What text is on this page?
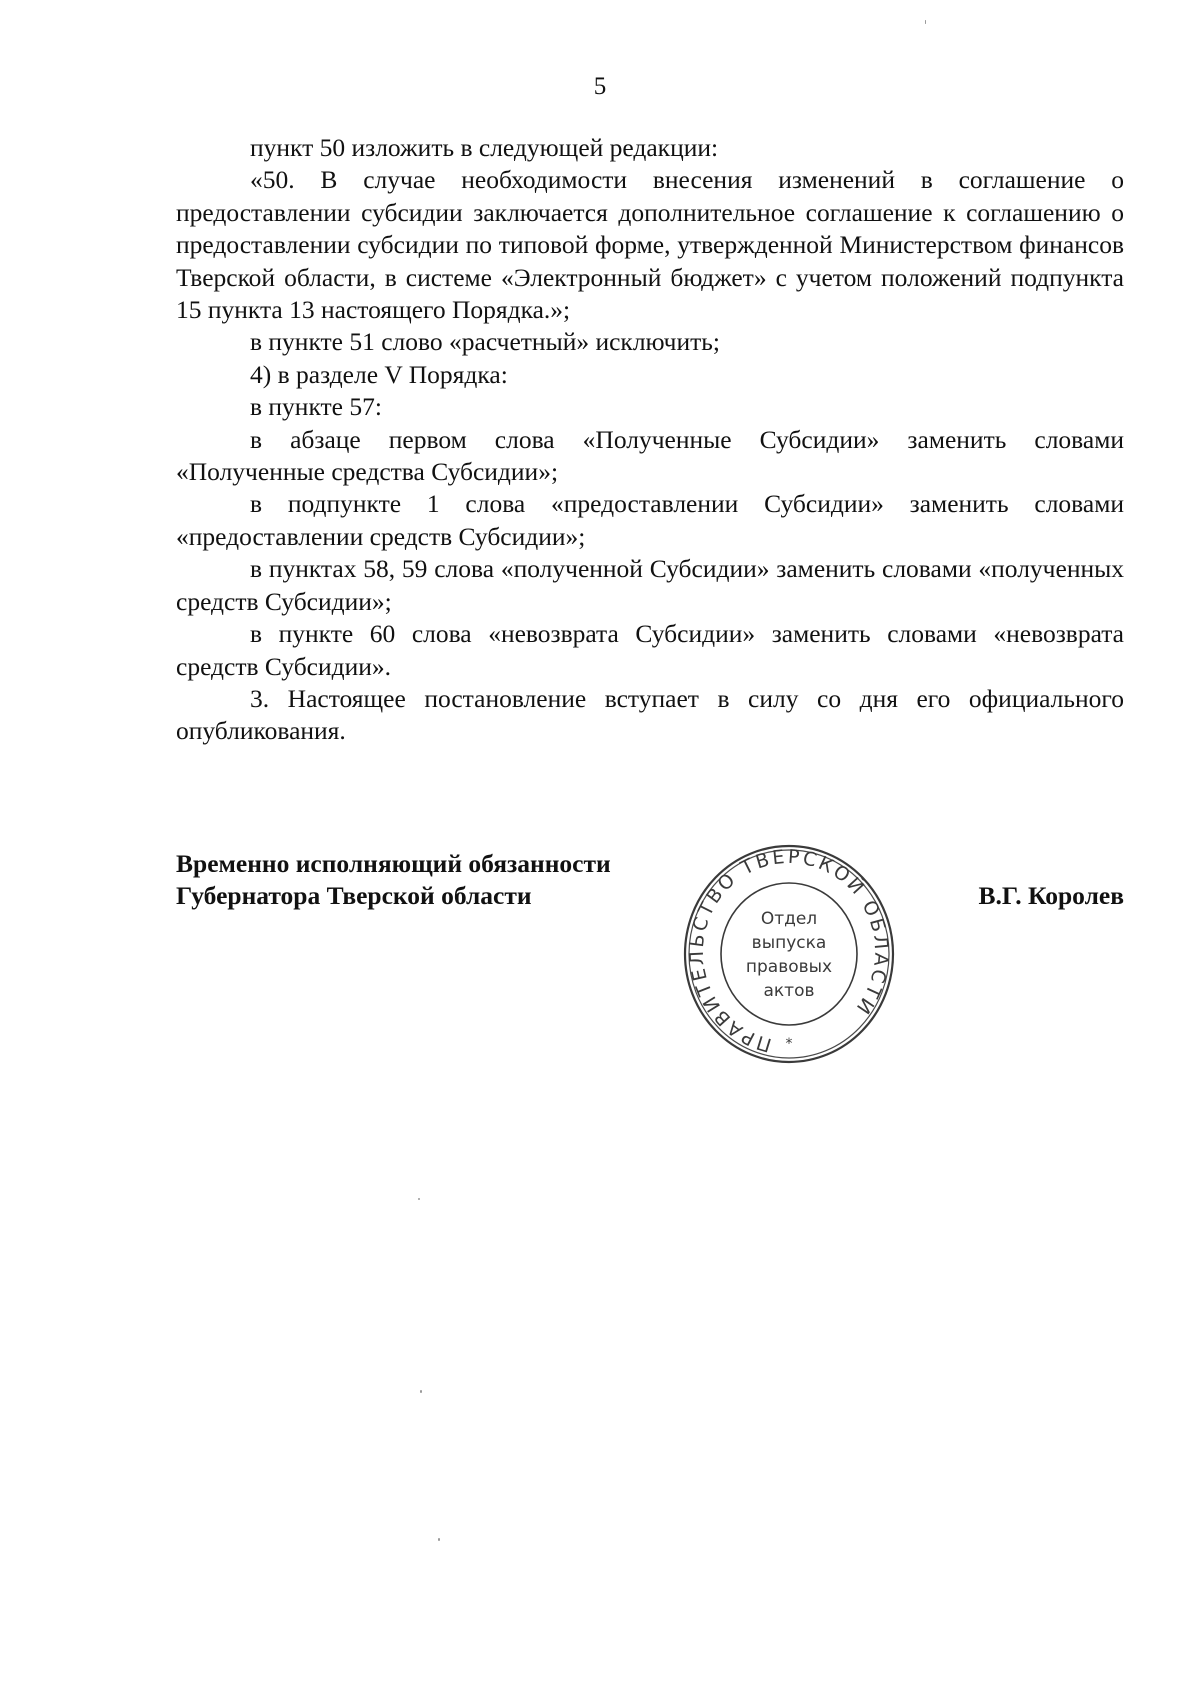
5

пункт 50 изложить в следующей редакции:

«50. В случае необходимости внесения изменений в соглашение о предоставлении субсидии заключается дополнительное соглашение к соглашению о предоставлении субсидии по типовой форме, утвержденной Министерством финансов Тверской области, в системе «Электронный бюджет» с учетом положений подпункта 15 пункта 13 настоящего Порядка.»;

в пункте 51 слово «расчетный» исключить;

4) в разделе V Порядка:

в пункте 57:

в абзаце первом слова «Полученные Субсидии» заменить словами «Полученные средства Субсидии»;

в подпункте 1 слова «предоставлении Субсидии» заменить словами «предоставлении средств Субсидии»;

в пунктах 58, 59 слова «полученной Субсидии» заменить словами «полученных средств Субсидии»;

в пункте 60 слова «невозврата Субсидии» заменить словами «невозврата средств Субсидии».

3. Настоящее постановление вступает в силу со дня его официального опубликования.

Временно исполняющий обязанности
Губернатора Тверской области	В.Г. Королев
ПРАВИТЕЛЬСТВО ТВЕРСКОЙ ОБЛАСТИ
Отдел
выпуска
правовых
актов
*
